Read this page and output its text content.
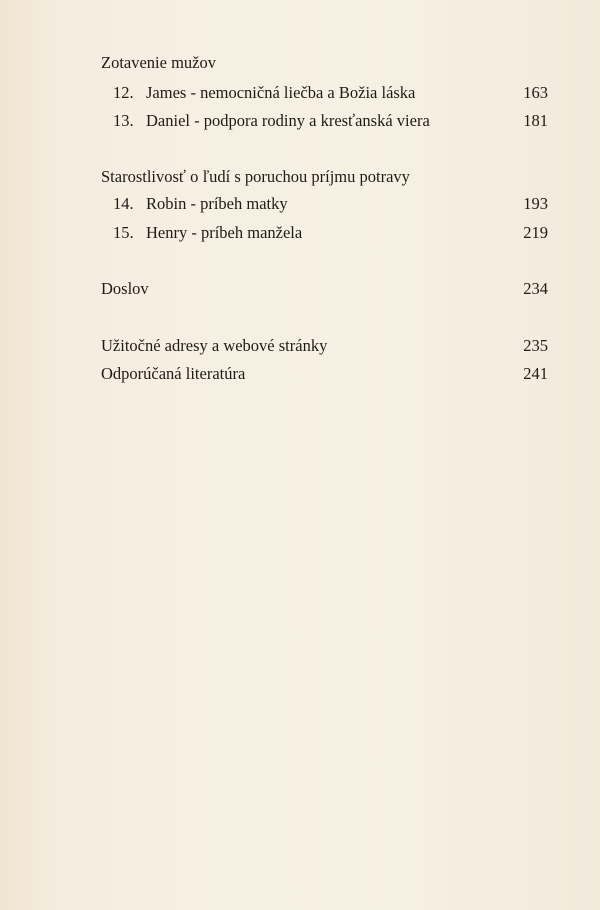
Zotavenie mužov
12. James - nemocničná liečba a Božia láska	163
13. Daniel - podpora rodiny a kresťanská viera	181
Starostlivosť o ľudí s poruchou príjmu potravy
14. Robin - príbeh matky	193
15. Henry - príbeh manžela	219
Doslov	234
Užitočné adresy a webové stránky	235
Odporúčaná literatúra	241
